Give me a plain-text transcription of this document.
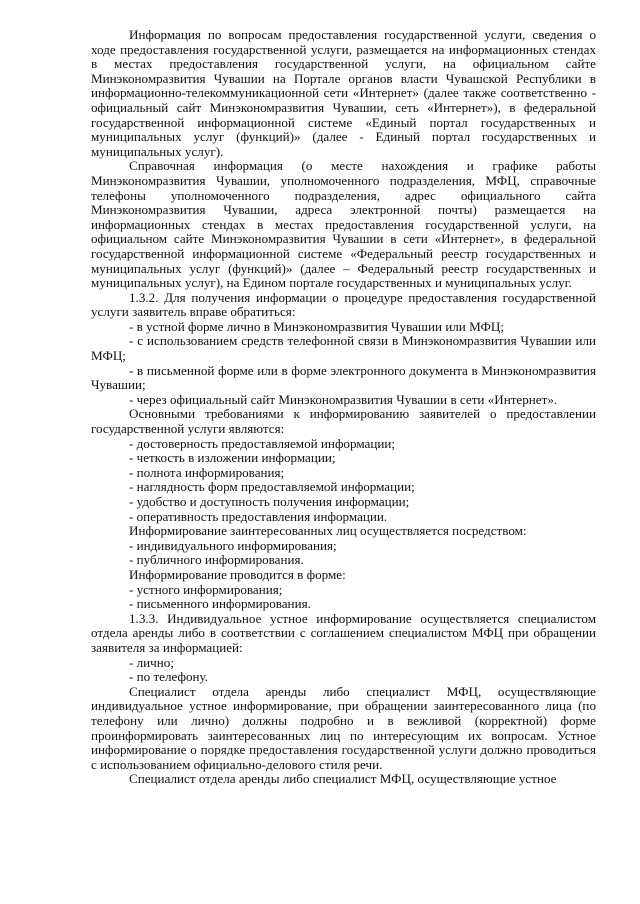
Информация по вопросам предоставления государственной услуги, сведения о ходе предоставления государственной услуги, размещается на информационных стендах в местах предоставления государственной услуги, на официальном сайте Минэкономразвития Чувашии на Портале органов власти Чувашской Республики в информационно-телекоммуникационной сети «Интернет» (далее также соответственно - официальный сайт Минэкономразвития Чувашии, сеть «Интернет»), в федеральной государственной информационной системе «Единый портал государственных и муниципальных услуг (функций)» (далее - Единый портал государственных и муниципальных услуг).

Справочная информация (о месте нахождения и графике работы Минэкономразвития Чувашии, уполномоченного подразделения, МФЦ, справочные телефоны уполномоченного подразделения, адрес официального сайта Минэкономразвития Чувашии, адреса электронной почты) размещается на информационных стендах в местах предоставления государственной услуги, на официальном сайте Минэкономразвития Чувашии в сети «Интернет», в федеральной государственной информационной системе «Федеральный реестр государственных и муниципальных услуг (функций)» (далее – Федеральный реестр государственных и муниципальных услуг), на Едином портале государственных и муниципальных услуг.

1.3.2. Для получения информации о процедуре предоставления государственной услуги заявитель вправе обратиться:

- в устной форме лично в Минэкономразвития Чувашии или МФЦ;

- с использованием средств телефонной связи в Минэкономразвития Чувашии или МФЦ;

- в письменной форме или в форме электронного документа в Минэкономразвития Чувашии;

- через официальный сайт Минэкономразвития Чувашии в сети «Интернет».

Основными требованиями к информированию заявителей о предоставлении государственной услуги являются:

- достоверность предоставляемой информации;

- четкость в изложении информации;

- полнота информирования;

- наглядность форм предоставляемой информации;

- удобство и доступность получения информации;

- оперативность предоставления информации.

Информирование заинтересованных лиц осуществляется посредством:

- индивидуального информирования;

- публичного информирования.

Информирование проводится в форме:

- устного информирования;

- письменного информирования.

1.3.3. Индивидуальное устное информирование осуществляется специалистом отдела аренды либо в соответствии с соглашением специалистом МФЦ при обращении заявителя за информацией:

- лично;

- по телефону.

Специалист отдела аренды либо специалист МФЦ, осуществляющие индивидуальное устное информирование, при обращении заинтересованного лица (по телефону или лично) должны подробно и в вежливой (корректной) форме проинформировать заинтересованных лиц по интересующим их вопросам. Устное информирование о порядке предоставления государственной услуги должно проводиться с использованием официально-делового стиля речи.

Специалист отдела аренды либо специалист МФЦ, осуществляющие устное
